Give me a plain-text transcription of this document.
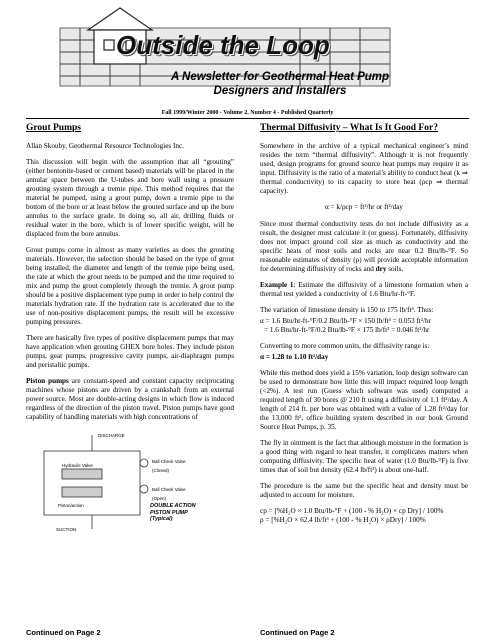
Outside the Loop
A Newsletter for Geothermal Heat Pump
Designers and Installers
Fall 1999/Winter 2000 - Volume 2, Number 4 - Published Quarterly
Grout Pumps

Allan Skouby, Geothermal Resource Technologies Inc.

This discussion will begin with the assumption that all “grouting” (either bentonite-based or cement based) materials will be placed in the annular space between the U-tubes and bore wall using a pressure grouting system through a tremie pipe. This method requires that the material be pumped, using a grout pump, down a tremie pipe to the bottom of the bore or at least below the grouted surface and up the bore annulus to the surface grade. In doing so, all air, drilling fluids or residual water in the bore, which is of lower specific weight, will be displaced from the bore annulus.

Grout pumps come in almost as many varieties as does the grouting materials. However, the selection should be based on the type of grout being installed, the diameter and length of the tremie pipe being used, the rate at which the grout needs to be pumped and the time required to mix and pump the grout completely through the tremie. A grout pump should be a positive displacement type pump in order to help control the materials hydration rate. If the hydration rate is accelerated due to the use of non-positive displacement pumps, the result will be excessive pumping pressures.

There are basically five types of positive displacement pumps that may have application when grouting GHEX bore holes. They include piston pumps, gear pumps, progressive cavity pumps, air-diaphragm pumps and peristaltic pumps.

Piston pumps are constant-speed and constant capacity reciprocating machines whose pistons are driven by a crankshaft from an external power source. Most are double-acting designs in which flow is induced regardless of the direction of the piston travel. Piston pumps have good capability of handling materials with high concentrations of

DISCHARGE
Hydraulic Valve
Piston/action
SUCTION
Ball Check Valve (Closed)
Ball Check Valve (Open)
DOUBLE ACTION
PISTON PUMP
(Typical)
Continued on Page 2
Thermal Diffusivity – What Is It Good For?

Somewhere in the archive of a typical mechanical engineer’s mind resides the term “thermal diffusivity”. Although it is not frequently used, design programs for ground source heat pumps may require it as input. Diffusivity is the ratio of a material’s ability to conduct heat (k ⇒ thermal conductivity) to its capacity to store heat (ρcp ⇒ thermal capacity).

α = k/ρcp = ft²/hr or ft²/day

Since most thermal conductivity tests do not include diffusivity as a result, the designer must calculate it (or guess). Fortunately, diffusivity does not impact ground coil size as much as conductivity and the specific heats of most soils and rocks are near 0.2 Btu/lb-°F. So reasonable estimates of density (ρ) will provide acceptable information for determining diffusivity of rocks and dry soils.

Example 1: Estimate the diffusivity of a limestone formation when a thermal test yielded a conductivity of 1.6 Btu/hr-ft-°F.

The variation of limestone density is 150 to 175 lb/ft³. Thus:

α = 1.6 Btu/hr-ft-°F/0.2 Btu/lb-°F × 150 lb/ft³ = 0.053 ft²/hr
= 1.6 Btu/hr-ft-°F/0.2 Btu/lb-°F × 175 lb/ft³ = 0.046 ft²/hr

Converting to more common units, the diffusivity range is:

α = 1.28 to 1.10 ft²/day

While this method does yield a 15% variation, loop design software can be used to demonstrate how little this will impact required loop length (<2%). A test run (Guess which software was used) computed a required length of 30 bores @ 210 ft using a diffusivity of 1.1 ft²/day. A length of 214 ft. per bore was obtained with a value of 1.28 ft²/day for the 13,000 ft², office building system described in our book Ground Source Heat Pumps, p. 35.

The fly in ointment is the fact that although moisture in the formation is a good thing with regard to heat transfer, it complicates matters when computing diffusivity. The specific heat of water (1.0 Btu/lb-°F) is five times that of soil but density (62.4 lb/ft³) is about one-half.

The procedure is the same but the specific heat and density must be adjusted to account for moisture.

cp = [%H₂O × 1.0 Btu/lb-°F + (100 - % H₂O) × cp Dry] / 100%
ρ = [%H₂O × 62.4 lb/ft³ + (100 - % H₂O) × ρDry] / 100%
Continued on Page 2
